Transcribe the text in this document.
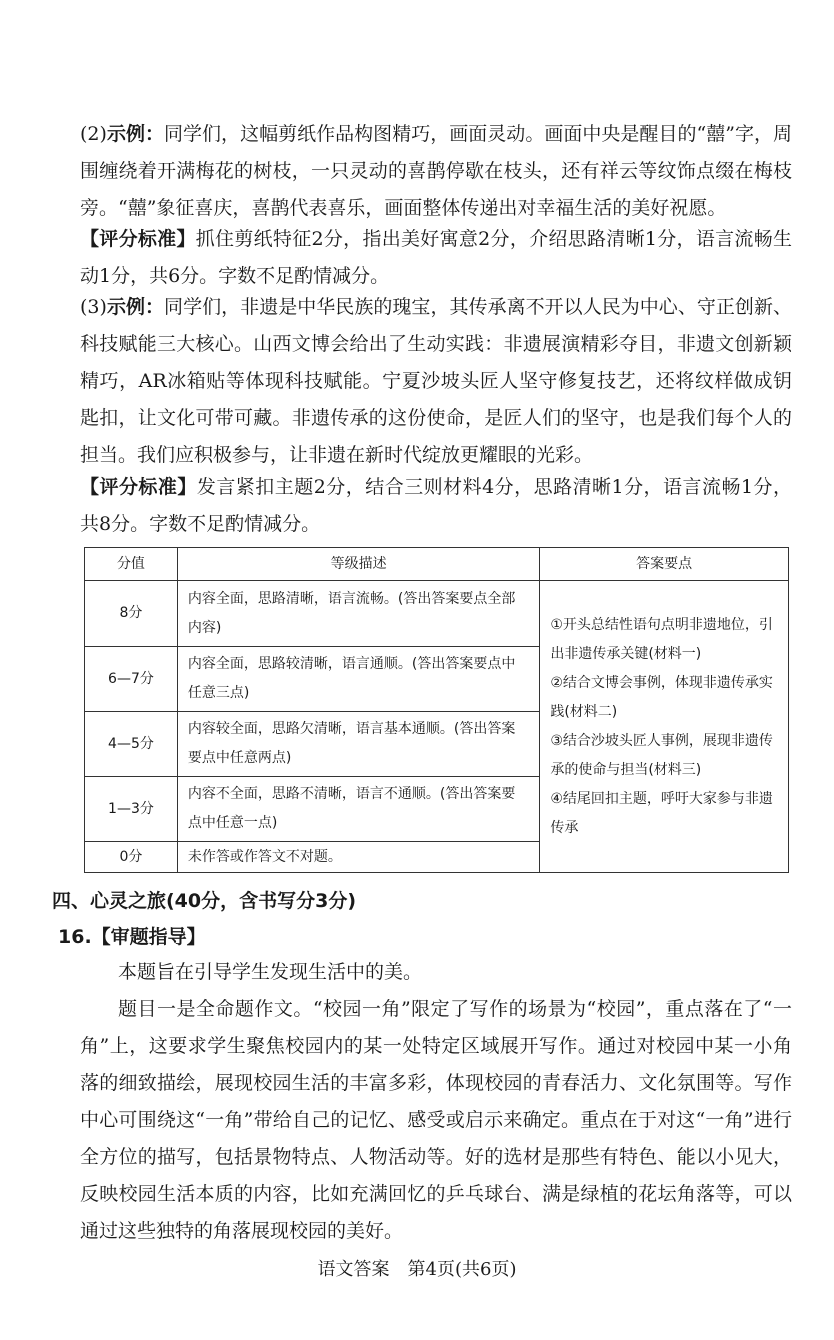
(2)示例：同学们，这幅剪纸作品构图精巧，画面灵动。画面中央是醒目的“囍”字，周围缠绕着开满梅花的树枝，一只灵动的喜鹊停歇在枝头，还有祥云等纹饰点缀在梅枝旁。“囍”象征喜庆，喜鹊代表喜乐，画面整体传递出对幸福生活的美好祝愿。

【评分标准】抓住剪纸特征2分，指出美好寓意2分，介绍思路清晰1分，语言流畅生动1分，共6分。字数不足酌情减分。

(3)示例：同学们，非遗是中华民族的瑰宝，其传承离不开以人民为中心、守正创新、科技赋能三大核心。山西文博会给出了生动实践：非遗展演精彩夺目，非遗文创新颖精巧，AR冰箱贴等体现科技赋能。宁夏沙坡头匠人坚守修复技艺，还将纹样做成钥匙扣，让文化可带可藏。非遗传承的这份使命，是匠人们的坚守，也是我们每个人的担当。我们应积极参与，让非遗在新时代绽放更耀眼的光彩。

【评分标准】发言紧扣主题2分，结合三则材料4分，思路清晰1分，语言流畅1分，共8分。字数不足酌情减分。

分值	等级描述	答案要点
8分	内容全面，思路清晰，语言流畅。(答出答案要点全部内容)	①开头总结性语句点明非遗地位，引出非遗传承关键(材料一)
②结合文博会事例，体现非遗传承实践(材料二)
③结合沙坡头匠人事例，展现非遗传承的使命与担当(材料三)
④结尾回扣主题，呼吁大家参与非遗传承

6—7分	内容全面，思路较清晰，语言通顺。(答出答案要点中任意三点)	
4—5分	内容较全面，思路欠清晰，语言基本通顺。(答出答案要点中任意两点)	
1—3分	内容不全面，思路不清晰，语言不通顺。(答出答案要点中任意一点)	
0分	未作答或作答文不对题。	
四、心灵之旅(40分，含书写分3分)
16.【审题指导】

本题旨在引导学生发现生活中的美。

题目一是全命题作文。“校园一角”限定了写作的场景为“校园”，重点落在了“一角”上，这要求学生聚焦校园内的某一处特定区域展开写作。通过对校园中某一小角落的细致描绘，展现校园生活的丰富多彩，体现校园的青春活力、文化氛围等。写作中心可围绕这“一角”带给自己的记忆、感受或启示来确定。重点在于对这“一角”进行全方位的描写，包括景物特点、人物活动等。好的选材是那些有特色、能以小见大，反映校园生活本质的内容，比如充满回忆的乒乓球台、满是绿植的花坛角落等，可以通过这些独特的角落展现校园的美好。

语文答案　第4页(共6页)
